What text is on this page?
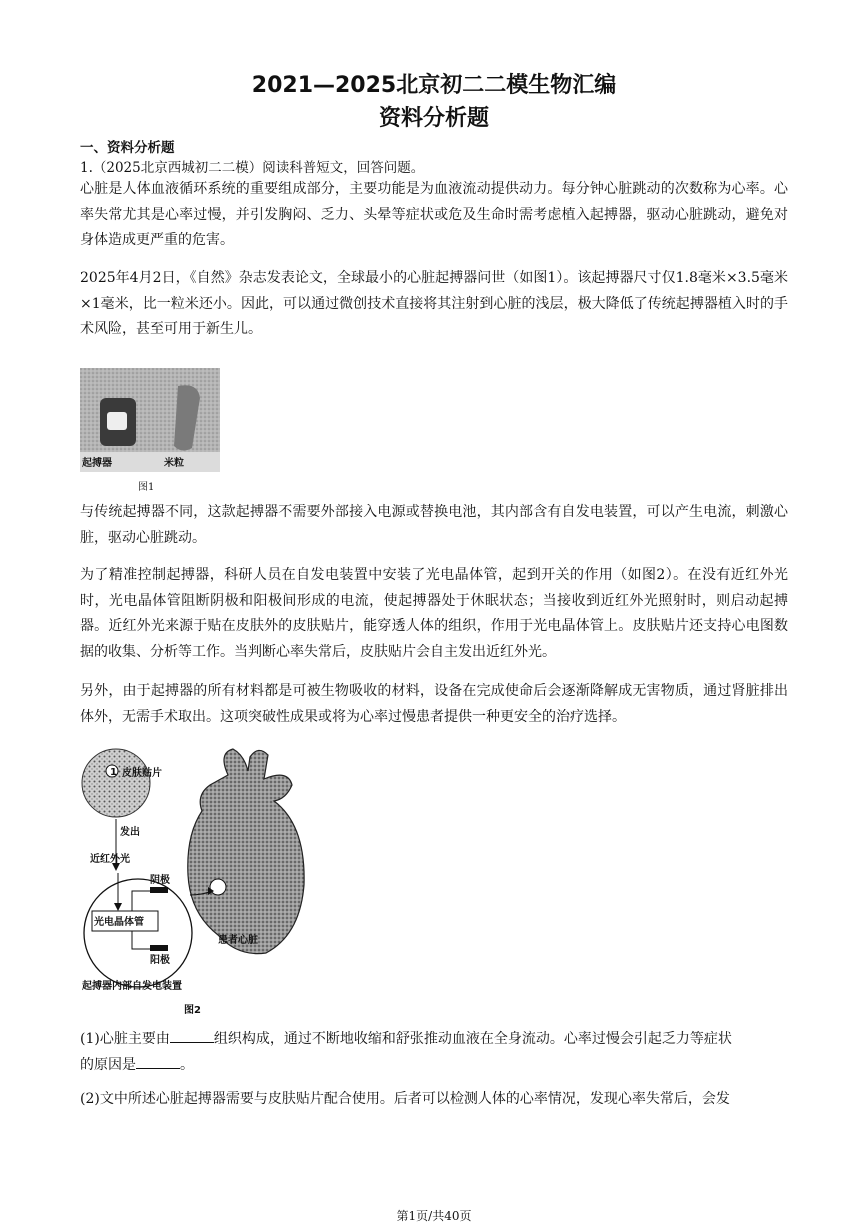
2021—2025北京初二二模生物汇编
资料分析题
一、资料分析题
1.（2025北京西城初二二模）阅读科普短文，回答问题。

心脏是人体血液循环系统的重要组成部分，主要功能是为血液流动提供动力。每分钟心脏跳动的次数称为心率。心率失常尤其是心率过慢，并引发胸闷、乏力、头晕等症状或危及生命时需考虑植入起搏器，驱动心脏跳动，避免对身体造成更严重的危害。

2025年4月2日，《自然》杂志发表论文，全球最小的心脏起搏器问世（如图1）。该起搏器尺寸仅1.8毫米×3.5毫米×1毫米，比一粒米还小。因此，可以通过微创技术直接将其注射到心脏的浅层，极大降低了传统起搏器植入时的手术风险，甚至可用于新生儿。

起搏器	米粒
图1

与传统起搏器不同，这款起搏器不需要外部接入电源或替换电池，其内部含有自发电装置，可以产生电流，刺激心脏，驱动心脏跳动。

为了精准控制起搏器，科研人员在自发电装置中安装了光电晶体管，起到开关的作用（如图2）。在没有近红外光时，光电晶体管阻断阴极和阳极间形成的电流，使起搏器处于休眠状态；当接收到近红外光照射时，则启动起搏器。近红外光来源于贴在皮肤外的皮肤贴片，能穿透人体的组织，作用于光电晶体管上。皮肤贴片还支持心电图数据的收集、分析等工作。当判断心率失常后，皮肤贴片会自主发出近红外光。

另外，由于起搏器的所有材料都是可被生物吸收的材料，设备在完成使命后会逐渐降解成无害物质，通过肾脏排出体外，无需手术取出。这项突破性成果或将为心率过慢患者提供一种更安全的治疗选择。

1 皮肤贴片
发出
近红外光
光电晶体管
阴极
阳极
起搏器内部自发电装置
患者心脏
图2
(1)心脏主要由	组织构成，通过不断地收缩和舒张推动血液在全身流动。心率过慢会引起乏力等症状
的原因是	。

(2)文中所述心脏起搏器需要与皮肤贴片配合使用。后者可以检测人体的心率情况，发现心率失常后，会发

第1页/共40页
